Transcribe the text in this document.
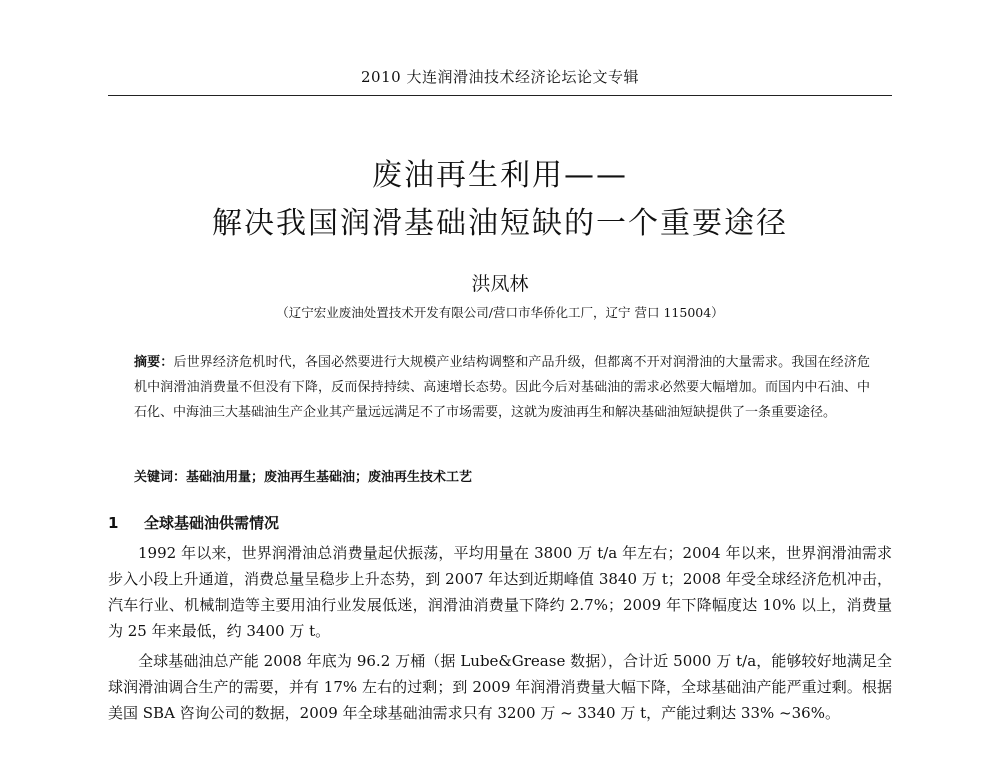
2010 大连润滑油技术经济论坛论文专辑
废油再生利用——
解决我国润滑基础油短缺的一个重要途径
洪凤林
（辽宁宏业废油处置技术开发有限公司/营口市华侨化工厂，辽宁 营口 115004）
摘要：后世界经济危机时代，各国必然要进行大规模产业结构调整和产品升级，但都离不开对润滑油的大量需求。我国在经济危机中润滑油消费量不但没有下降，反而保持持续、高速增长态势。因此今后对基础油的需求必然要大幅增加。而国内中石油、中石化、中海油三大基础油生产企业其产量远远满足不了市场需要，这就为废油再生和解决基础油短缺提供了一条重要途径。
关键词：基础油用量；废油再生基础油；废油再生技术工艺
1 全球基础油供需情况
1992 年以来，世界润滑油总消费量起伏振荡，平均用量在 3800 万 t/a 年左右；2004 年以来，世界润滑油需求步入小段上升通道，消费总量呈稳步上升态势，到 2007 年达到近期峰值 3840 万 t；2008 年受全球经济危机冲击，汽车行业、机械制造等主要用油行业发展低迷，润滑油消费量下降约 2.7%；2009 年下降幅度达 10% 以上，消费量为 25 年来最低，约 3400 万 t。
全球基础油总产能 2008 年底为 96.2 万桶（据 Lube&Grease 数据），合计近 5000 万 t/a，能够较好地满足全球润滑油调合生产的需要，并有 17% 左右的过剩；到 2009 年润滑消费量大幅下降，全球基础油产能严重过剩。根据美国 SBA 咨询公司的数据，2009 年全球基础油需求只有 3200 万 ~ 3340 万 t，产能过剩达 33% ~36%。
